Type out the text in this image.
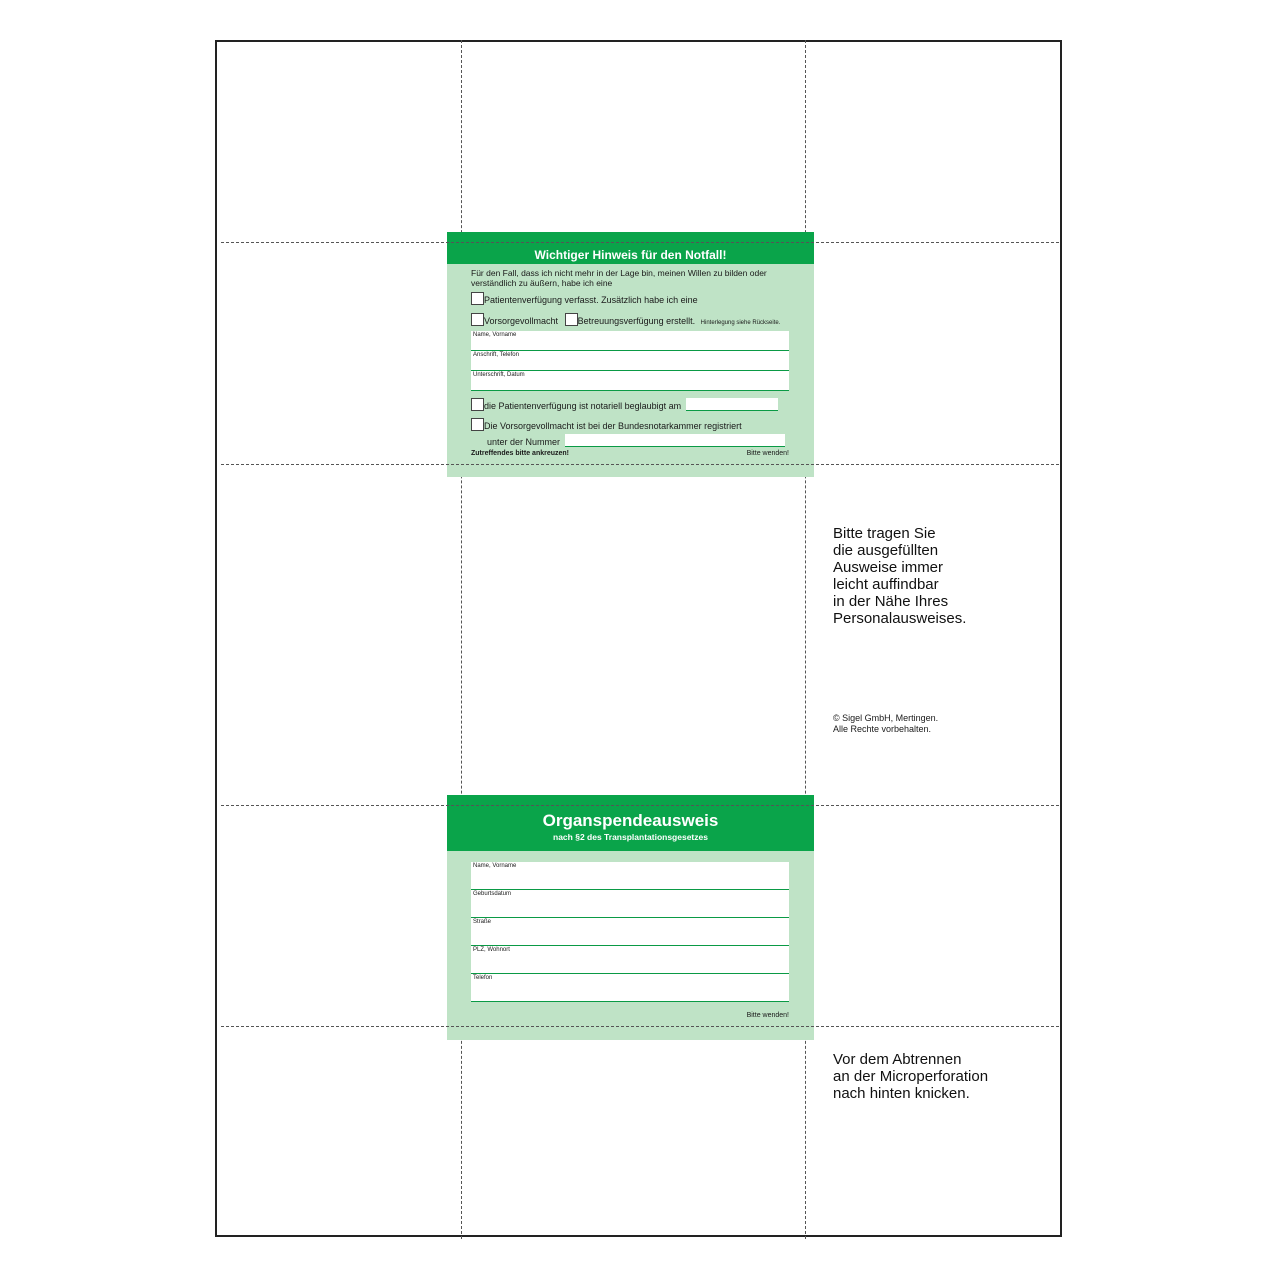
Wichtiger Hinweis für den Notfall!
Für den Fall, dass ich nicht mehr in der Lage bin, meinen Willen zu bilden oder
verständlich zu äußern, habe ich eine
Patientenverfügung verfasst. Zusätzlich habe ich eine
Vorsorgevollmacht Betreuungsverfügung erstellt. Hinterlegung siehe Rückseite.
Name, Vorname
Anschrift, Telefon
Unterschrift, Datum
die Patientenverfügung ist notariell beglaubigt am
Die Vorsorgevollmacht ist bei der Bundesnotarkammer registriert
unter der Nummer
Zutreffendes bitte ankreuzen!	Bitte wenden!
Organspendeausweis
nach §2 des Transplantationsgesetzes
Name, Vorname
Geburtsdatum
Straße
PLZ, Wohnort
Telefon
Bitte wenden!
Bitte tragen Sie
die ausgefüllten
Ausweise immer
leicht auffindbar
in der Nähe Ihres
Personalausweises.
© Sigel GmbH, Mertingen.
Alle Rechte vorbehalten.
Vor dem Abtrennen
an der Microperforation
nach hinten knicken.
